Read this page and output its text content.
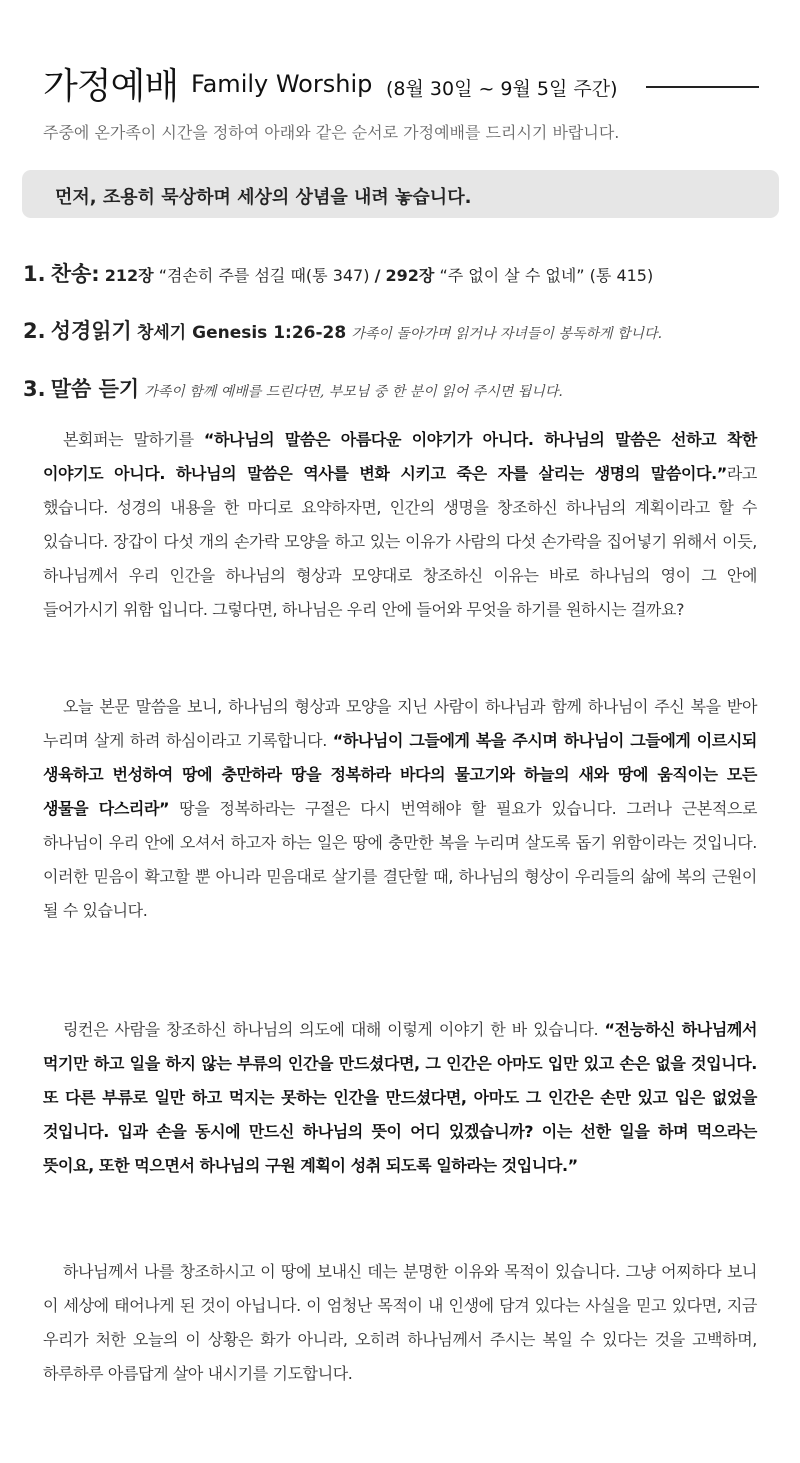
가정예배 Family Worship (8월 30일 ~ 9월 5일 주간)
주중에 온가족이 시간을 정하여 아래와 같은 순서로 가정예배를 드리시기 바랍니다.
먼저, 조용히 묵상하며 세상의 상념을 내려 놓습니다.
1. 찬송: 212장 “겸손히 주를 섬길 때(통 347) / 292장 “주 없이 살 수 없네” (통 415)
2. 성경읽기 창세기 Genesis 1:26-28 가족이 돌아가며 읽거나 자녀들이 봉독하게 합니다.
3. 말씀 듣기 가족이 함께 예배를 드린다면, 부모님 중 한 분이 읽어 주시면 됩니다.
본회퍼는 말하기를 “하나님의 말씀은 아름다운 이야기가 아니다. 하나님의 말씀은 선하고 착한 이야기도 아니다. 하나님의 말씀은 역사를 변화 시키고 죽은 자를 살리는 생명의 말씀이다.”라고 했습니다. 성경의 내용을 한 마디로 요약하자면, 인간의 생명을 창조하신 하나님의 계획이라고 할 수 있습니다. 장갑이 다섯 개의 손가락 모양을 하고 있는 이유가 사람의 다섯 손가락을 집어넣기 위해서 이듯, 하나님께서 우리 인간을 하나님의 형상과 모양대로 창조하신 이유는 바로 하나님의 영이 그 안에 들어가시기 위함 입니다. 그렇다면, 하나님은 우리 안에 들어와 무엇을 하기를 원하시는 걸까요?
오늘 본문 말씀을 보니, 하나님의 형상과 모양을 지닌 사람이 하나님과 함께 하나님이 주신 복을 받아 누리며 살게 하려 하심이라고 기록합니다. “하나님이 그들에게 복을 주시며 하나님이 그들에게 이르시되 생육하고 번성하여 땅에 충만하라 땅을 정복하라 바다의 물고기와 하늘의 새와 땅에 움직이는 모든 생물을 다스리라” 땅을 정복하라는 구절은 다시 번역해야 할 필요가 있습니다. 그러나 근본적으로 하나님이 우리 안에 오셔서 하고자 하는 일은 땅에 충만한 복을 누리며 살도록 돕기 위함이라는 것입니다. 이러한 믿음이 확고할 뿐 아니라 믿음대로 살기를 결단할 때, 하나님의 형상이 우리들의 삶에 복의 근원이 될 수 있습니다.
링컨은 사람을 창조하신 하나님의 의도에 대해 이렇게 이야기 한 바 있습니다. “전능하신 하나님께서 먹기만 하고 일을 하지 않는 부류의 인간을 만드셨다면, 그 인간은 아마도 입만 있고 손은 없을 것입니다. 또 다른 부류로 일만 하고 먹지는 못하는 인간을 만드셨다면, 아마도 그 인간은 손만 있고 입은 없었을 것입니다. 입과 손을 동시에 만드신 하나님의 뜻이 어디 있겠습니까? 이는 선한 일을 하며 먹으라는 뜻이요, 또한 먹으면서 하나님의 구원 계획이 성취 되도록 일하라는 것입니다.”
하나님께서 나를 창조하시고 이 땅에 보내신 데는 분명한 이유와 목적이 있습니다. 그냥 어찌하다 보니 이 세상에 태어나게 된 것이 아닙니다. 이 엄청난 목적이 내 인생에 담겨 있다는 사실을 믿고 있다면, 지금 우리가 처한 오늘의 이 상황은 화가 아니라, 오히려 하나님께서 주시는 복일 수 있다는 것을 고백하며, 하루하루 아름답게 살아 내시기를 기도합니다.
